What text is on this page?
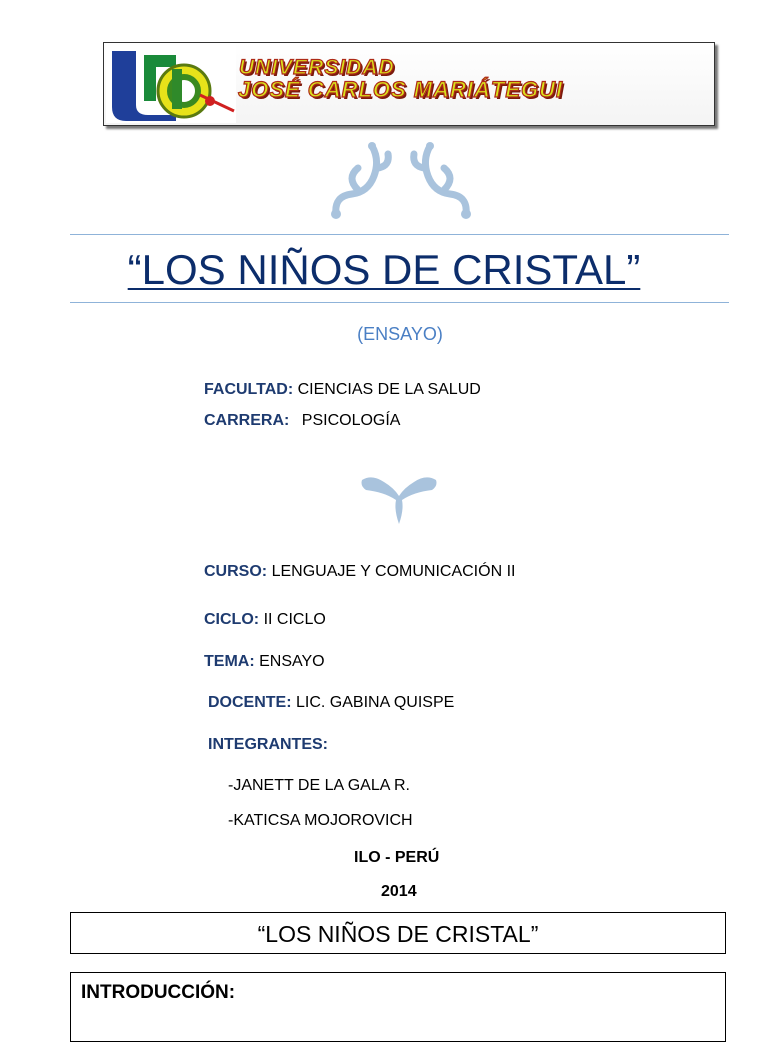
UNIVERSIDAD
JOSÉ CARLOS MARIÁTEGUI
“LOS NIÑOS DE CRISTAL”
(ENSAYO)
FACULTAD: CIENCIAS DE LA SALUD
CARRERA: PSICOLOGÍA
CURSO: LENGUAJE Y COMUNICACIÓN II
CICLO: II CICLO
TEMA: ENSAYO
DOCENTE: LIC. GABINA QUISPE
INTEGRANTES:
-JANETT DE LA GALA R.
-KATICSA MOJOROVICH
ILO - PERÚ
2014
“LOS NIÑOS DE CRISTAL”
INTRODUCCIÓN:
